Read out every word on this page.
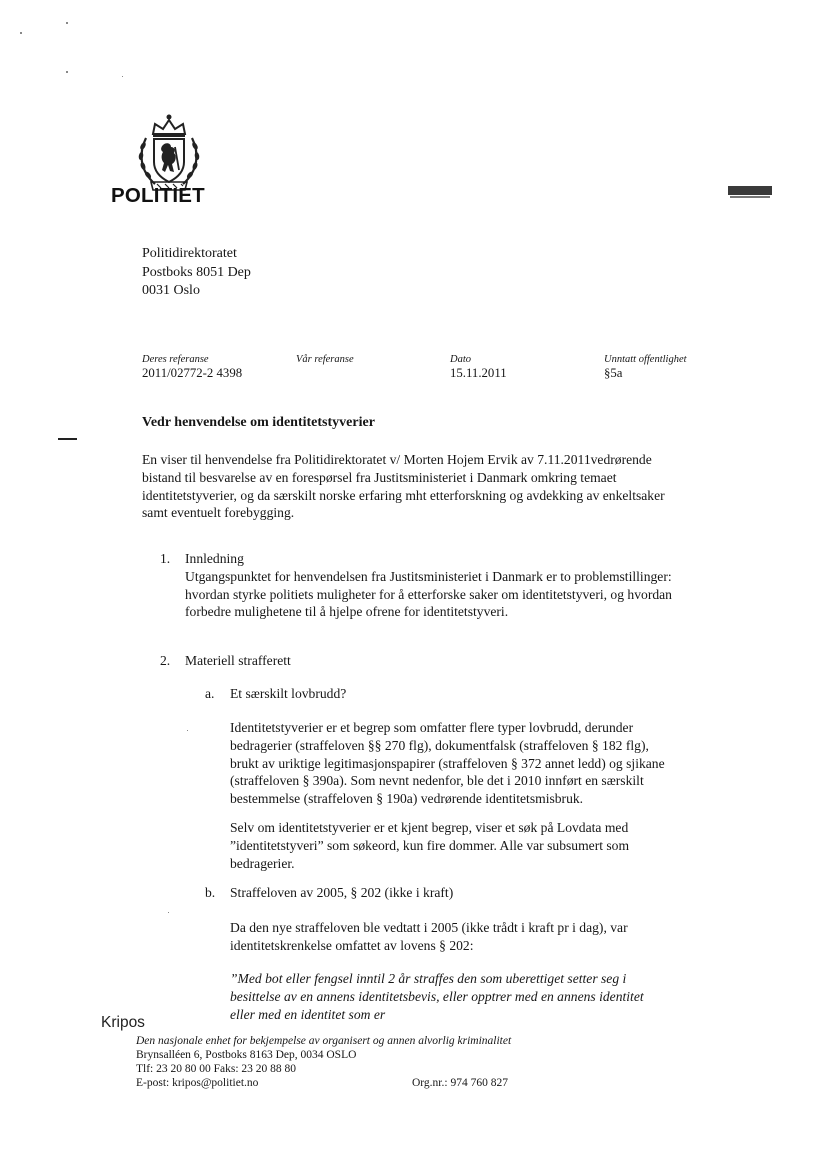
POLITIET
Politidirektoratet
Postboks 8051 Dep
0031 Oslo
Deres referanse
2011/02772-2 4398
Vår referanse	Dato
15.11.2011
Unntatt offentlighet
§5a
Vedr henvendelse om identitetstyverier
En viser til henvendelse fra Politidirektoratet v/ Morten Hojem Ervik av 7.11.2011vedrørende bistand til besvarelse av en forespørsel fra Justitsministeriet i Danmark omkring temaet identitetstyverier, og da særskilt norske erfaring mht etterforskning og avdekking av enkeltsaker samt eventuelt forebygging.
1. Innledning
Utgangspunktet for henvendelsen fra Justitsministeriet i Danmark er to problemstillinger: hvordan styrke politiets muligheter for å etterforske saker om identitetstyveri, og hvordan forbedre mulighetene til å hjelpe ofrene for identitetstyveri.
2. Materiell strafferett
a. Et særskilt lovbrudd?
Identitetstyverier er et begrep som omfatter flere typer lovbrudd, derunder bedragerier (straffeloven §§ 270 flg), dokumentfalsk (straffeloven § 182 flg), brukt av uriktige legitimasjonspapirer (straffeloven § 372 annet ledd) og sjikane (straffeloven § 390a). Som nevnt nedenfor, ble det i 2010 innført en særskilt bestemmelse (straffeloven § 190a) vedrørende identitetsmisbruk.
Selv om identitetstyverier er et kjent begrep, viser et søk på Lovdata med ”identitetstyveri” som søkeord, kun fire dommer. Alle var subsumert som bedragerier.
b. Straffeloven av 2005, § 202 (ikke i kraft)
Da den nye straffeloven ble vedtatt i 2005 (ikke trådt i kraft pr i dag), var identitetskrenkelse omfattet av lovens § 202:
”Med bot eller fengsel inntil 2 år straffes den som uberettiget setter seg i besittelse av en annens identitetsbevis, eller opptrer med en annens identitet eller med en identitet som er
Kripos
Den nasjonale enhet for bekjempelse av organisert og annen alvorlig kriminalitet
Brynsalléen 6, Postboks 8163 Dep, 0034 OSLO
Tlf: 23 20 80 00 Faks: 23 20 88 80
E-post: kripos@politiet.no	Org.nr.: 974 760 827
